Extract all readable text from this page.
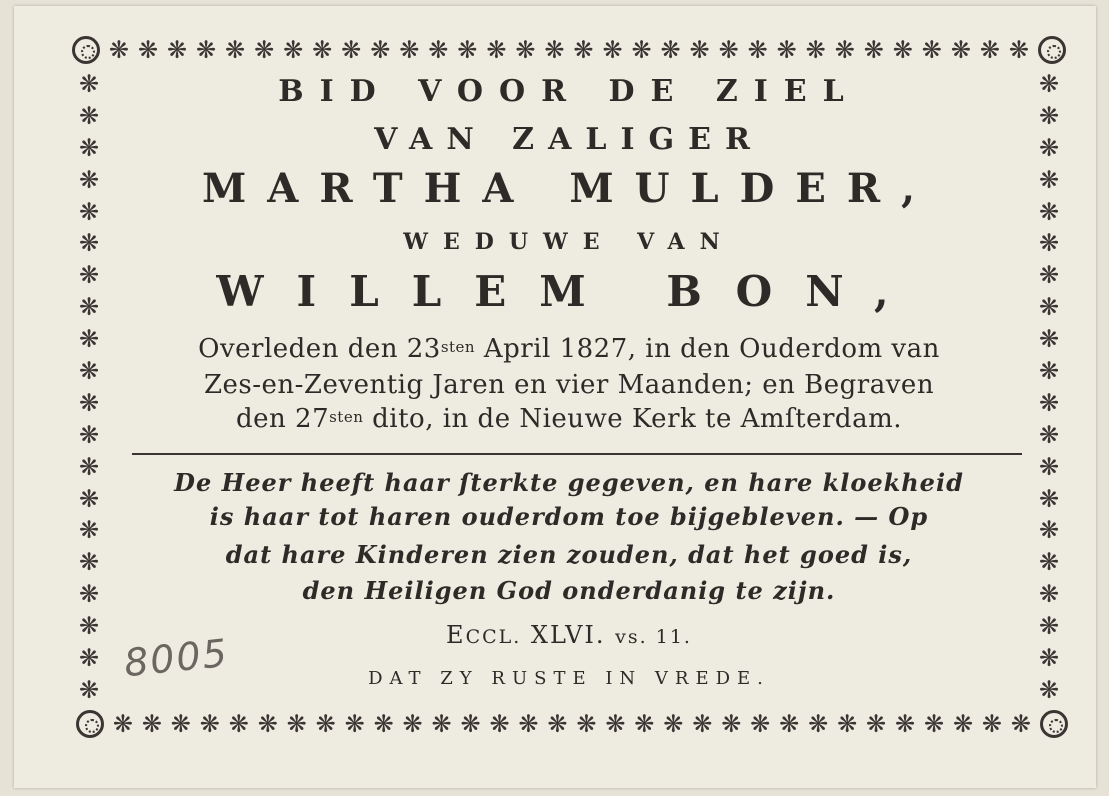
❋ ❋ ❋ ❋ ❋ ❋ ❋ ❋ ❋ ❋ ❋ ❋ ❋ ❋ ❋ ❋ ❋ ❋ ❋ ❋ ❋ ❋ ❋ ❋ ❋ ❋ ❋ ❋ ❋ ❋ ❋ ❋
❋ ❋ ❋ ❋ ❋ ❋ ❋ ❋ ❋ ❋ ❋ ❋ ❋ ❋ ❋ ❋ ❋ ❋ ❋ ❋ ❋ ❋ ❋ ❋ ❋ ❋ ❋ ❋ ❋ ❋ ❋ ❋
❋
❋
❋
❋
❋
❋
❋
❋
❋
❋
❋
❋
❋
❋
❋
❋
❋
❋
❋
❋
❋
❋
❋
❋
❋
❋
❋
❋
❋
❋
❋
❋
❋
❋
❋
❋
❋
❋
❋
❋
BID VOOR DE ZIEL
VAN ZALIGER
MARTHA MULDER,
WEDUWE VAN
WILLEM BON,
Overleden den $23^{sten}$ April 1827, in den Ouderdom van
Zes-en-Zeventig Jaren en vier Maanden; en Begraven
den $27^{sten}$ dito, in de Nieuwe Kerk te Amſterdam.
De Heer heeft haar ſterkte gegeven, en hare kloekheid
is haar tot haren ouderdom toe bijgebleven. — Op
dat hare Kinderen zien zouden, dat het goed is,
den Heiligen God onderdanig te zijn.
ECCL. XLVI. vs. 11.
DAT ZY RUSTE IN VREDE.
8005
